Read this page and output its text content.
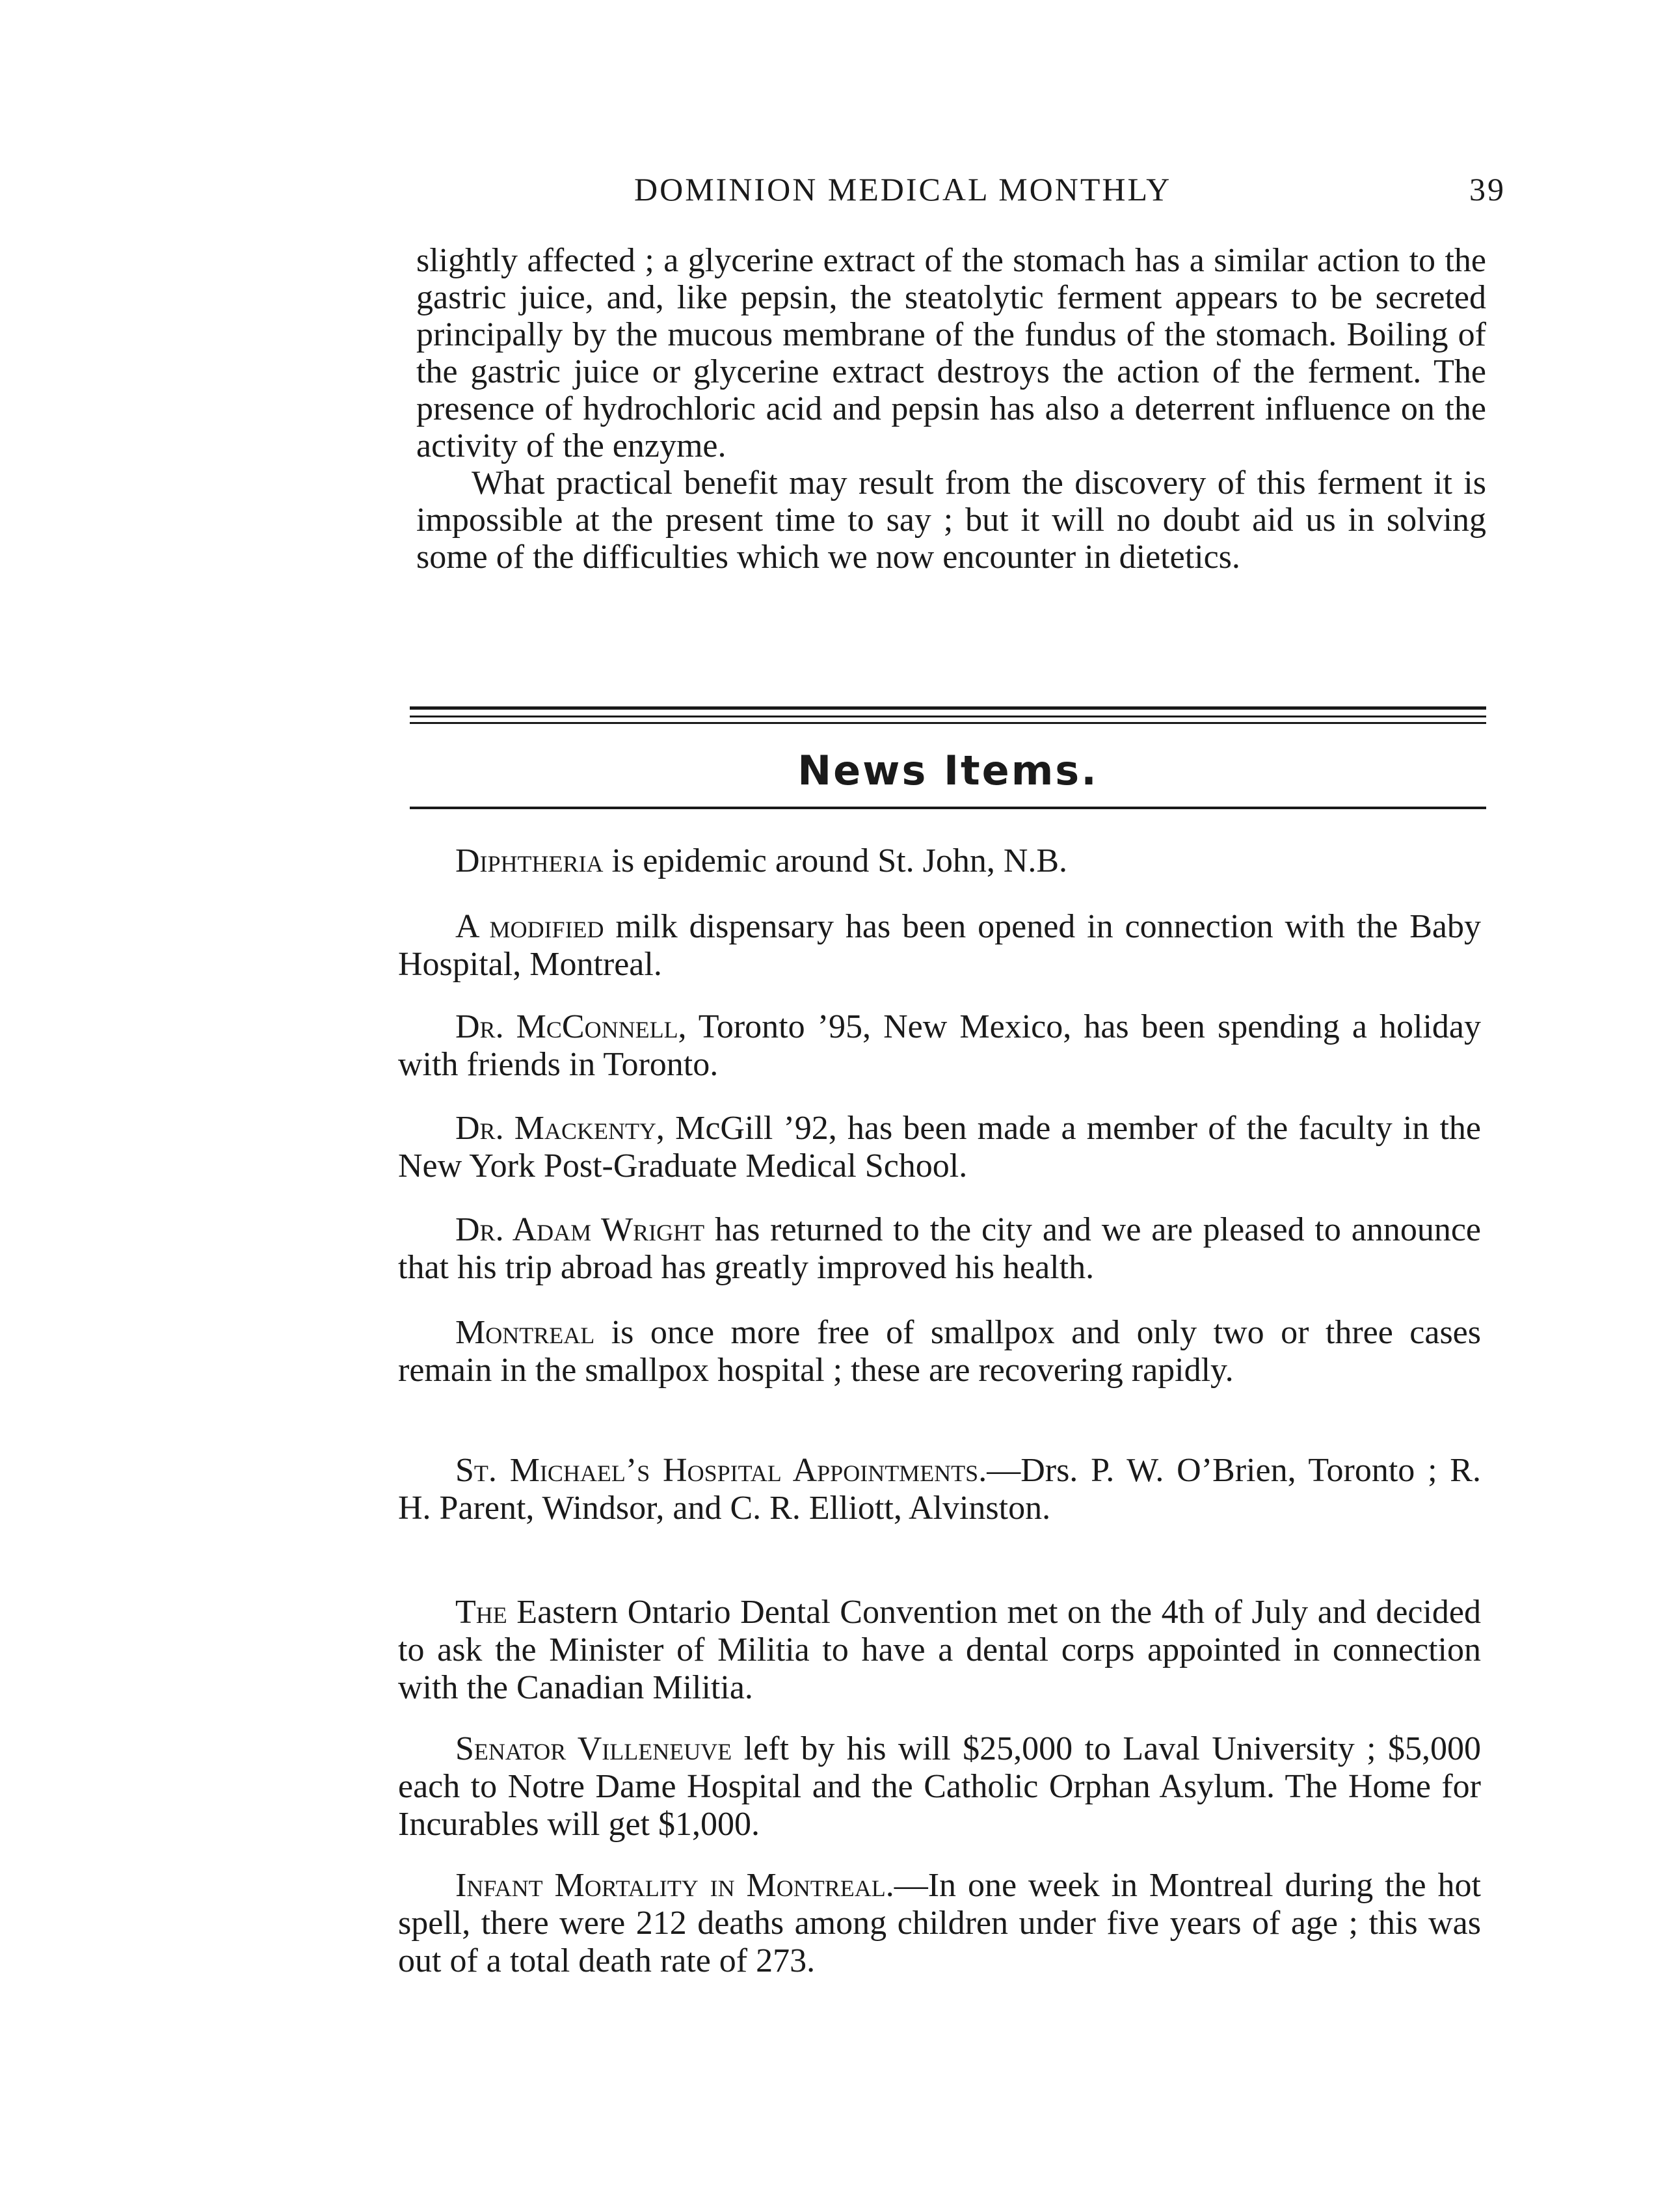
DOMINION MEDICAL MONTHLY	39

slightly affected ; a glycerine extract of the stomach has a similar action to the gastric juice, and, like pepsin, the steatolytic ferment appears to be secreted principally by the mucous membrane of the fundus of the stomach. Boiling of the gastric juice or glycerine extract destroys the action of the ferment. The presence of hydrochloric acid and pepsin has also a deterrent influence on the activity of the enzyme.

What practical benefit may result from the discovery of this ferment it is impossible at the present time to say ; but it will no doubt aid us in solving some of the difficulties which we now encounter in dietetics.

News Items.

Diphtheria is epidemic around St. John, N.B.

A modified milk dispensary has been opened in connection with the Baby Hospital, Montreal.

Dr. McConnell, Toronto ’95, New Mexico, has been spending a holiday with friends in Toronto.

Dr. Mackenty, McGill ’92, has been made a member of the faculty in the New York Post-Graduate Medical School.

Dr. Adam Wright has returned to the city and we are pleased to announce that his trip abroad has greatly improved his health.

Montreal is once more free of smallpox and only two or three cases remain in the smallpox hospital ; these are recovering rapidly.

St. Michael’s Hospital Appointments.—Drs. P. W. O’Brien, Toronto ; R. H. Parent, Windsor, and C. R. Elliott, Alvinston.

The Eastern Ontario Dental Convention met on the 4th of July and decided to ask the Minister of Militia to have a dental corps appointed in connection with the Canadian Militia.

Senator Villeneuve left by his will $25,000 to Laval University ; $5,000 each to Notre Dame Hospital and the Catholic Orphan Asylum. The Home for Incurables will get $1,000.

Infant Mortality in Montreal.—In one week in Montreal during the hot spell, there were 212 deaths among children under five years of age ; this was out of a total death rate of 273.
